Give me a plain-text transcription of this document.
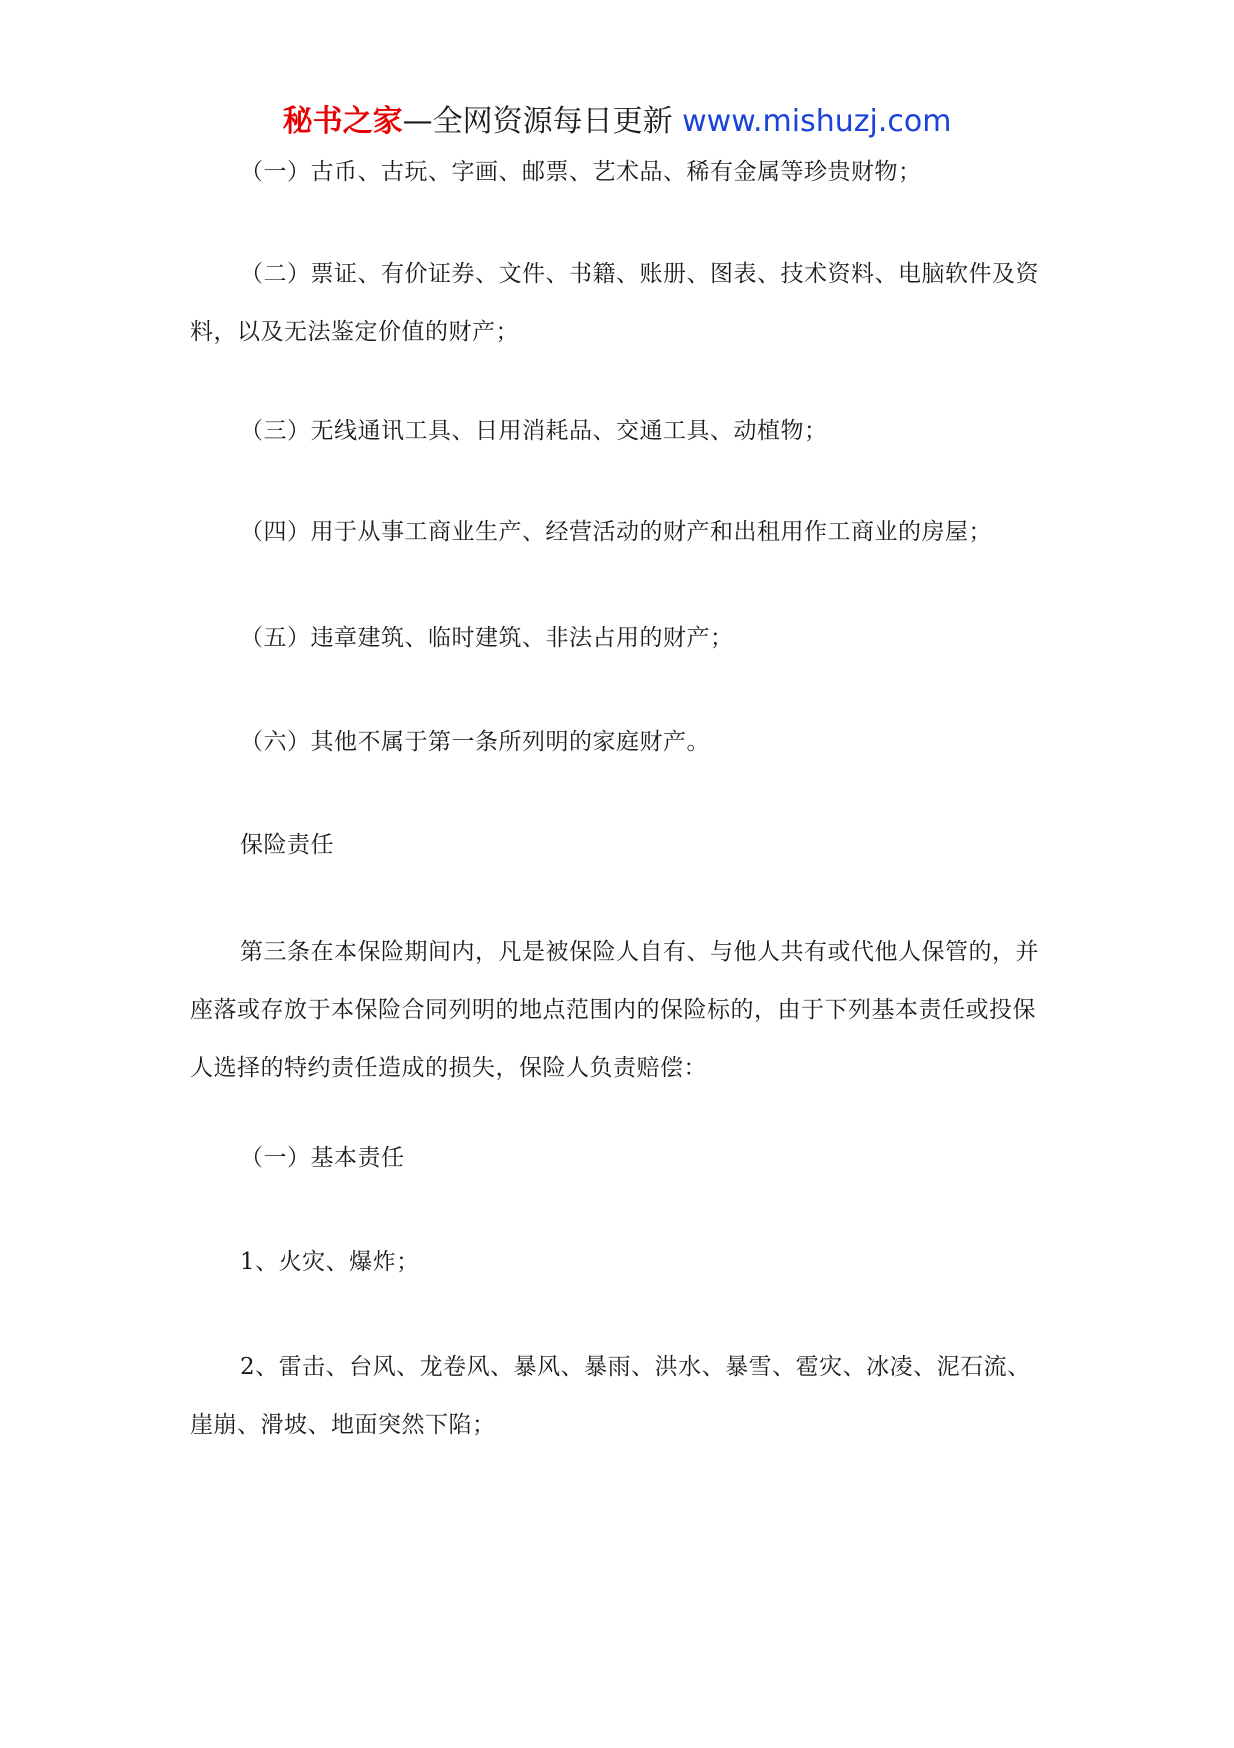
秘书之家—全网资源每日更新 www.mishuzj.com

（一）古币、古玩、字画、邮票、艺术品、稀有金属等珍贵财物；

（二）票证、有价证券、文件、书籍、账册、图表、技术资料、电脑软件及资料，以及无法鉴定价值的财产；

（三）无线通讯工具、日用消耗品、交通工具、动植物；

（四）用于从事工商业生产、经营活动的财产和出租用作工商业的房屋；

（五）违章建筑、临时建筑、非法占用的财产；

（六）其他不属于第一条所列明的家庭财产。

保险责任

第三条在本保险期间内，凡是被保险人自有、与他人共有或代他人保管的，并座落或存放于本保险合同列明的地点范围内的保险标的，由于下列基本责任或投保人选择的特约责任造成的损失，保险人负责赔偿：

（一）基本责任

1、火灾、爆炸；

2、雷击、台风、龙卷风、暴风、暴雨、洪水、暴雪、雹灾、冰凌、泥石流、崖崩、滑坡、地面突然下陷；
